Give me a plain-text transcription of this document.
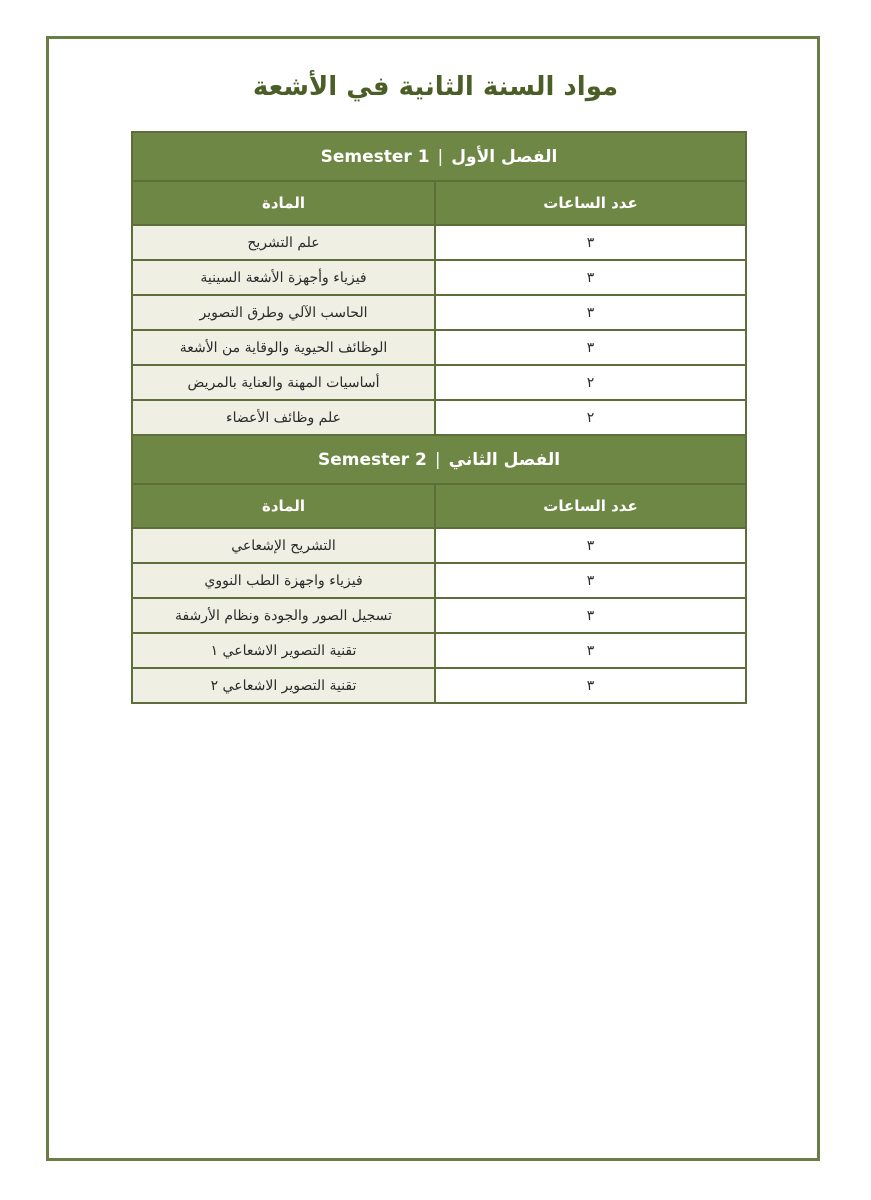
مواد السنة الثانية في الأشعة
الفصل الأول|Semester 1	
عدد الساعات	المادة
٣	علم التشريح
٣	فيزياء وأجهزة الأشعة السينية
٣	الحاسب الآلي وطرق التصوير
٣	الوظائف الحيوية والوقاية من الأشعة
٢	أساسيات المهنة والعناية بالمريض
٢	علم وظائف الأعضاء
الفصل الثاني|Semester 2	
عدد الساعات	المادة
٣	التشريح الإشعاعي
٣	فيزياء واجهزة الطب النووي
٣	تسجيل الصور والجودة ونظام الأرشفة
٣	تقنية التصوير الاشعاعي ١
٣	تقنية التصوير الاشعاعي ٢
